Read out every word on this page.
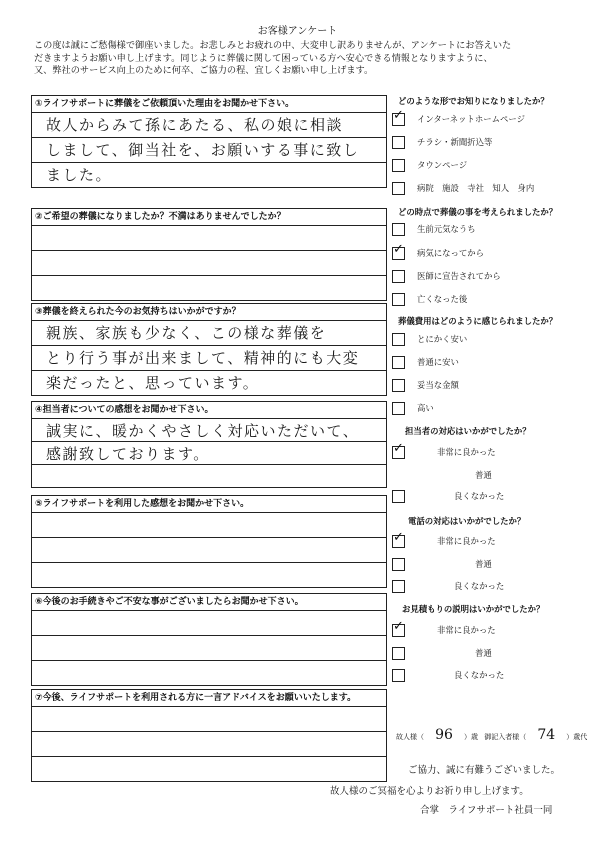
お客様アンケート
この度は誠にご愁傷様で御座いました。お悲しみとお疲れの中、大変申し訳ありませんが、アンケートにお答えいた
だきますようお願い申し上げます。同じように葬儀に関して困っている方へ安心できる情報となりますように、
又、弊社のサービス向上のために何卒、ご協力の程、宜しくお願い申し上げます。
①ライフサポートに葬儀をご依頼頂いた理由をお聞かせ下さい。
故人からみて孫にあたる、私の娘に相談
しまして、御当社を、お願いする事に致し
ました。
②ご希望の葬儀になりましたか？不満はありませんでしたか？
③葬儀を終えられた今のお気持ちはいかがですか？
親族、家族も少なく、この様な葬儀を
とり行う事が出来まして、精神的にも大変
楽だったと、思っています。
④担当者についての感想をお聞かせ下さい。
誠実に、暖かくやさしく対応いただいて、
感謝致しております。
⑤ライフサポートを利用した感想をお聞かせ下さい。
⑥今後のお手続きやご不安な事がございましたらお聞かせ下さい。
⑦今後、ライフサポートを利用される方に一言アドバイスをお願いいたします。
どのような形でお知りになりましたか？
✓ インターネットホームページ
チラシ・新聞折込等
タウンページ
病院　施設　寺社　知人　身内
どの時点で葬儀の事を考えられましたか？
生前元気なうち
✓ 病気になってから
医師に宣告されてから
亡くなった後
葬儀費用はどのように感じられましたか？
とにかく安い
普通に安い
妥当な金額
高い
担当者の対応はいかがでしたか？
✓	非常に良かった
普通
良くなかった
電話の対応はいかがでしたか？
✓	非常に良かった
普通
良くなかった
お見積もりの説明はいかがでしたか？
✓	非常に良かった
普通
良くなかった
故人様（ 96 ）歳 御記入者様（ 74 ）歳代
ご協力、誠に有難うございました。
故人様のご冥福を心よりお祈り申し上げます。
合掌　ライフサポート社員一同
